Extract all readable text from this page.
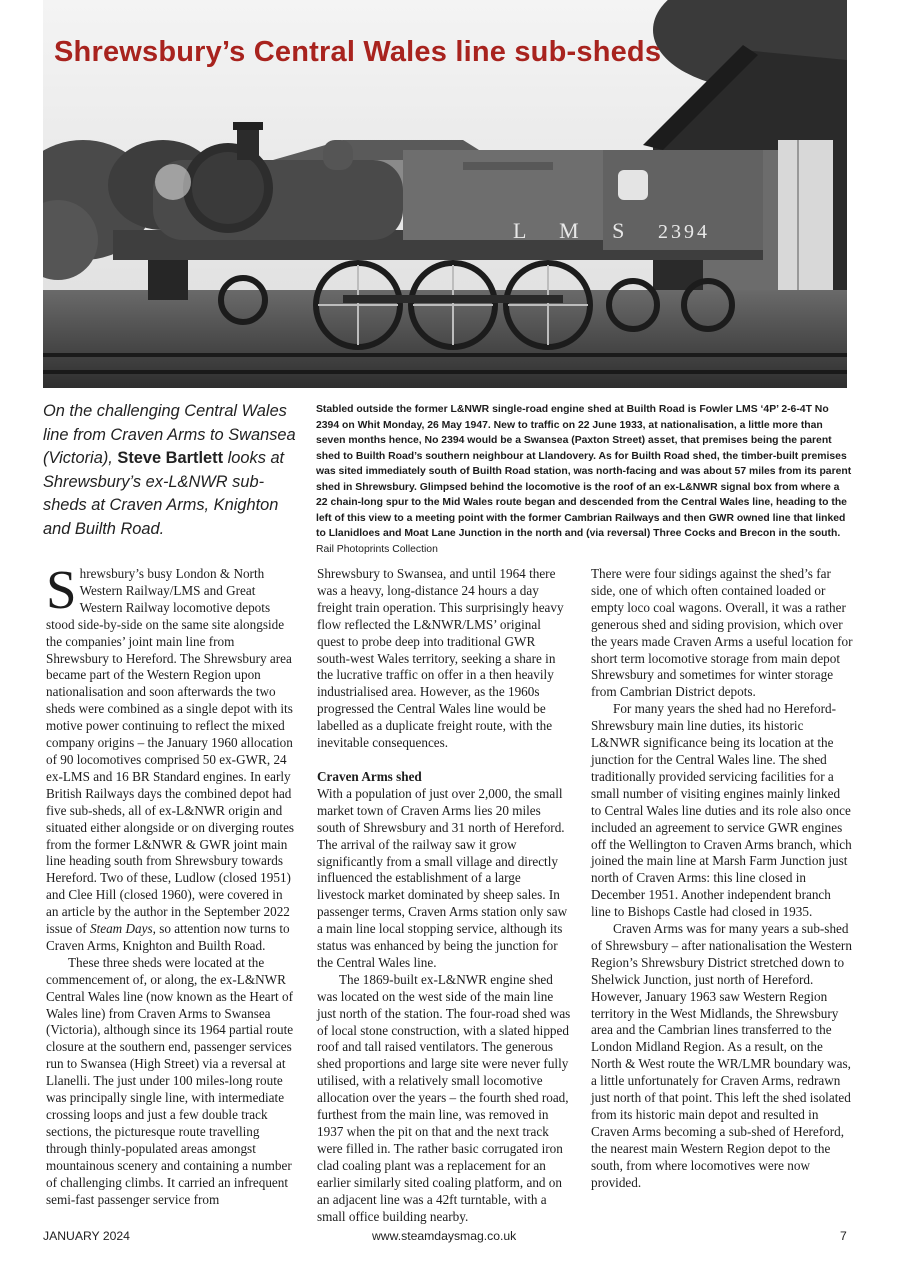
L M S 2394
Shrewsbury’s Central Wales line sub-sheds
On the challenging Central Wales line from Craven Arms to Swansea (Victoria), Steve Bartlett looks at Shrewsbury’s ex-L&NWR sub-sheds at Craven Arms, Knighton and Builth Road.
Stabled outside the former L&NWR single-road engine shed at Builth Road is Fowler LMS ‘4P’ 2-6-4T No 2394 on Whit Monday, 26 May 1947. New to traffic on 22 June 1933, at nationalisation, a little more than seven months hence, No 2394 would be a Swansea (Paxton Street) asset, that premises being the parent shed to Builth Road’s southern neighbour at Llandovery. As for Builth Road shed, the timber-built premises was sited immediately south of Builth Road station, was north-facing and was about 57 miles from its parent shed in Shrewsbury. Glimpsed behind the locomotive is the roof of an ex-L&NWR signal box from where a 22 chain-long spur to the Mid Wales route began and descended from the Central Wales line, heading to the left of this view to a meeting point with the former Cambrian Railways and then GWR owned line that linked to Llanidloes and Moat Lane Junction in the north and (via reversal) Three Cocks and Brecon in the south. Rail Photoprints Collection

Shrewsbury’s busy London & North Western Railway/LMS and Great Western Railway locomotive depots stood side-by-side on the same site alongside the companies’ joint main line from Shrewsbury to Hereford. The Shrewsbury area became part of the Western Region upon nationalisation and soon afterwards the two sheds were combined as a single depot with its motive power continuing to reflect the mixed company origins – the January 1960 allocation of 90 locomotives comprised 50 ex-GWR, 24 ex-LMS and 16 BR Standard engines. In early British Railways days the combined depot had five sub-sheds, all of ex-L&NWR origin and situated either alongside or on diverging routes from the former L&NWR & GWR joint main line heading south from Shrewsbury towards Hereford. Two of these, Ludlow (closed 1951) and Clee Hill (closed 1960), were covered in an article by the author in the September 2022 issue of Steam Days, so attention now turns to Craven Arms, Knighton and Builth Road.

These three sheds were located at the commencement of, or along, the ex-L&NWR Central Wales line (now known as the Heart of Wales line) from Craven Arms to Swansea (Victoria), although since its 1964 partial route closure at the southern end, passenger services run to Swansea (High Street) via a reversal at Llanelli. The just under 100 miles-long route was principally single line, with intermediate crossing loops and just a few double track sections, the picturesque route travelling through thinly-populated areas amongst mountainous scenery and containing a number of challenging climbs. It carried an infrequent semi-fast passenger service from

Shrewsbury to Swansea, and until 1964 there was a heavy, long-distance 24 hours a day freight train operation. This surprisingly heavy flow reflected the L&NWR/LMS’ original quest to probe deep into traditional GWR south-west Wales territory, seeking a share in the lucrative traffic on offer in a then heavily industrialised area. However, as the 1960s progressed the Central Wales line would be labelled as a duplicate freight route, with the inevitable consequences.

Craven Arms shed

With a population of just over 2,000, the small market town of Craven Arms lies 20 miles south of Shrewsbury and 31 north of Hereford. The arrival of the railway saw it grow significantly from a small village and directly influenced the establishment of a large livestock market dominated by sheep sales. In passenger terms, Craven Arms station only saw a main line local stopping service, although its status was enhanced by being the junction for the Central Wales line.

The 1869-built ex-L&NWR engine shed was located on the west side of the main line just north of the station. The four-road shed was of local stone construction, with a slated hipped roof and tall raised ventilators. The generous shed proportions and large site were never fully utilised, with a relatively small locomotive allocation over the years – the fourth shed road, furthest from the main line, was removed in 1937 when the pit on that and the next track were filled in. The rather basic corrugated iron clad coaling plant was a replacement for an earlier similarly sited coaling platform, and on an adjacent line was a 42ft turntable, with a small office building nearby.

There were four sidings against the shed’s far side, one of which often contained loaded or empty loco coal wagons. Overall, it was a rather generous shed and siding provision, which over the years made Craven Arms a useful location for short term locomotive storage from main depot Shrewsbury and sometimes for winter storage from Cambrian District depots.

For many years the shed had no Hereford-Shrewsbury main line duties, its historic L&NWR significance being its location at the junction for the Central Wales line. The shed traditionally provided servicing facilities for a small number of visiting engines mainly linked to Central Wales line duties and its role also once included an agreement to service GWR engines off the Wellington to Craven Arms branch, which joined the main line at Marsh Farm Junction just north of Craven Arms: this line closed in December 1951. Another independent branch line to Bishops Castle had closed in 1935.

Craven Arms was for many years a sub-shed of Shrewsbury – after nationalisation the Western Region’s Shrewsbury District stretched down to Shelwick Junction, just north of Hereford. However, January 1963 saw Western Region territory in the West Midlands, the Shrewsbury area and the Cambrian lines transferred to the London Midland Region. As a result, on the North & West route the WR/LMR boundary was, a little unfortunately for Craven Arms, redrawn just north of that point. This left the shed isolated from its historic main depot and resulted in Craven Arms becoming a sub-shed of Hereford, the nearest main Western Region depot to the south, from where locomotives were now provided.

JANUARY 2024	www.steamdaysmag.co.uk	7
